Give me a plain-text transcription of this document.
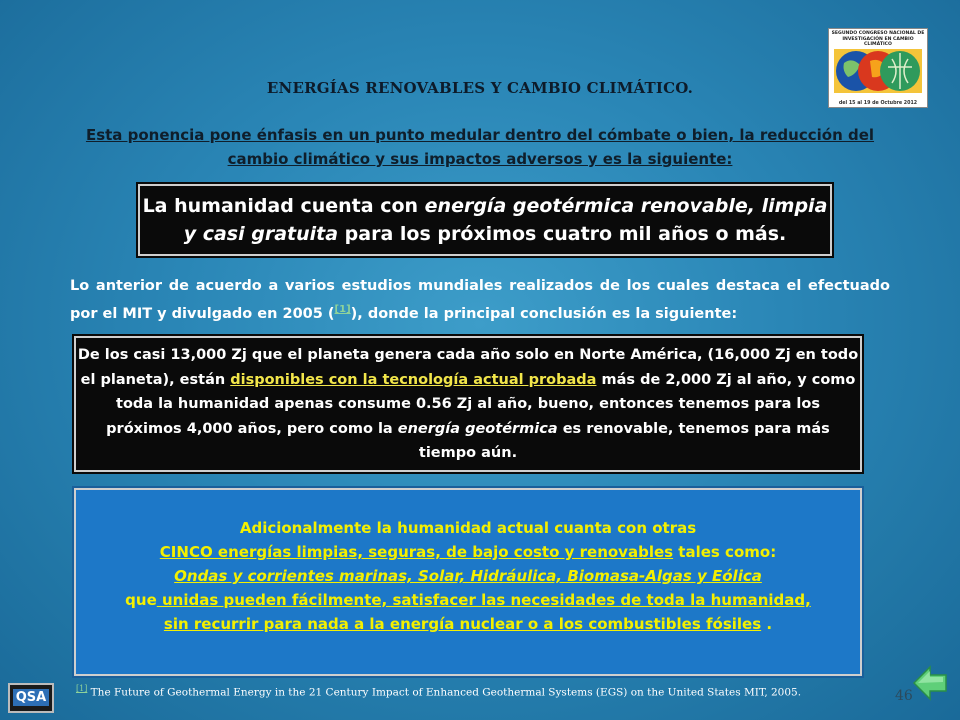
SEGUNDO CONGRESO NACIONAL DE INVESTIGACIÓN EN CAMBIO CLIMÁTICO
del 15 al 19 de Octubre 2012
ENERGÍAS RENOVABLES Y CAMBIO CLIMÁTICO.
Esta ponencia pone énfasis en un punto medular dentro del cómbate o bien, la reducción del
cambio climático y sus impactos adversos y es la siguiente:
La humanidad cuenta con energía geotérmica renovable, limpia y casi gratuita para los próximos cuatro mil años o más.
Lo anterior de acuerdo a varios estudios mundiales realizados de los cuales destaca el efectuado por el MIT y divulgado en 2005 ([1]), donde la principal conclusión es la siguiente:
De los casi 13,000 Zj que el planeta genera cada año solo en Norte América, (16,000 Zj en todo el planeta), están disponibles con la tecnología actual probada más de 2,000 Zj al año, y como toda la humanidad apenas consume 0.56 Zj al año, bueno, entonces tenemos para los próximos 4,000 años, pero como la energía geotérmica es renovable, tenemos para más tiempo aún.
Adicionalmente la humanidad actual cuanta con otras
CINCO energías limpias, seguras, de bajo costo y renovables tales como:
Ondas y corrientes marinas, Solar, Hidráulica, Biomasa-Algas y Eólica
que unidas pueden fácilmente, satisfacer las necesidades de toda la humanidad,
sin recurrir para nada a la energía nuclear o a los combustibles fósiles .
QSA
[1] The Future of Geothermal Energy in the 21 Century Impact of Enhanced Geothermal Systems (EGS) on the United States MIT, 2005.	46
